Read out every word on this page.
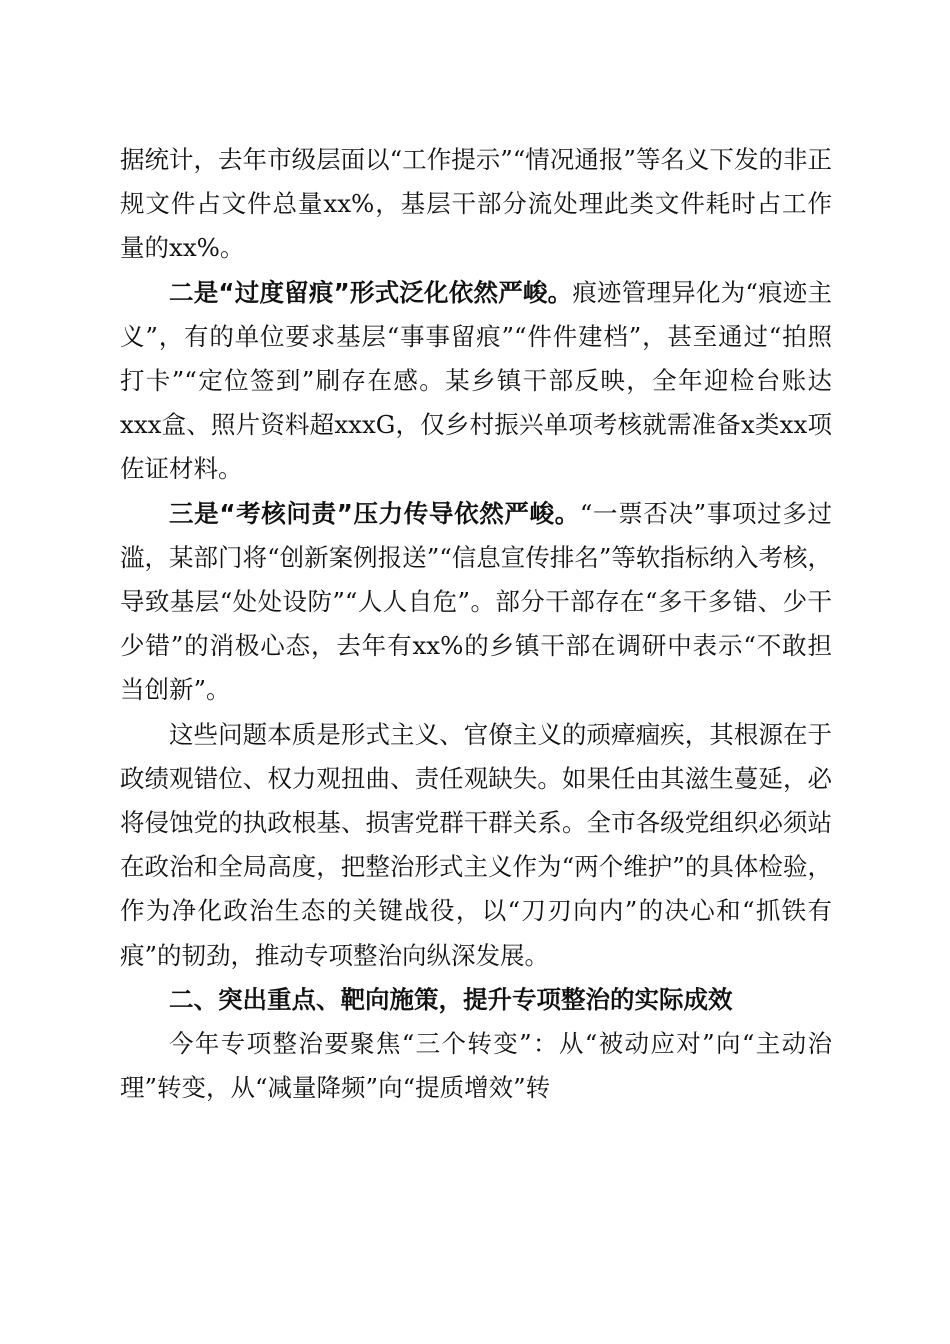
据统计，去年市级层面以“工作提示”“情况通报”等名义下发的非正规文件占文件总量xx%，基层干部分流处理此类文件耗时占工作量的xx%。

二是“过度留痕”形式泛化依然严峻。痕迹管理异化为“痕迹主义”，有的单位要求基层“事事留痕”“件件建档”，甚至通过“拍照打卡”“定位签到”刷存在感。某乡镇干部反映，全年迎检台账达xxx盒、照片资料超xxxG，仅乡村振兴单项考核就需准备x类xx项佐证材料。

三是“考核问责”压力传导依然严峻。“一票否决”事项过多过滥，某部门将“创新案例报送”“信息宣传排名”等软指标纳入考核，导致基层“处处设防”“人人自危”。部分干部存在“多干多错、少干少错”的消极心态，去年有xx%的乡镇干部在调研中表示“不敢担当创新”。

这些问题本质是形式主义、官僚主义的顽瘴痼疾，其根源在于政绩观错位、权力观扭曲、责任观缺失。如果任由其滋生蔓延，必将侵蚀党的执政根基、损害党群干群关系。全市各级党组织必须站在政治和全局高度，把整治形式主义作为“两个维护”的具体检验，作为净化政治生态的关键战役，以“刀刃向内”的决心和“抓铁有痕”的韧劲，推动专项整治向纵深发展。

二、突出重点、靶向施策，提升专项整治的实际成效

今年专项整治要聚焦“三个转变”：从“被动应对”向“主动治理”转变，从“减量降频”向“提质增效”转
